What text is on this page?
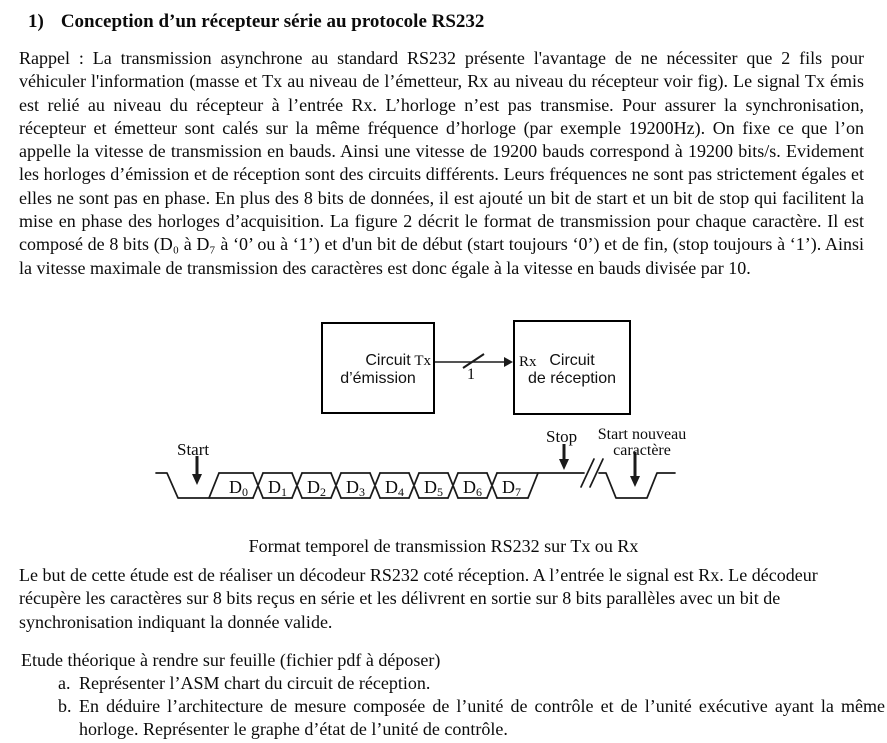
1) Conception d’un récepteur série au protocole RS232
Rappel : La transmission asynchrone au standard RS232 présente l'avantage de ne nécessiter que 2 fils pour véhiculer l'information (masse et Tx au niveau de l’émetteur, Rx au niveau du récepteur voir fig). Le signal Tx émis est relié au niveau du récepteur à l’entrée Rx. L’horloge n’est pas transmise. Pour assurer la synchronisation, récepteur et émetteur sont calés sur la même fréquence d’horloge (par exemple 19200Hz). On fixe ce que l’on appelle la vitesse de transmission en bauds. Ainsi une vitesse de 19200 bauds correspond à 19200 bits/s. Evidement les horloges d’émission et de réception sont des circuits différents. Leurs fréquences ne sont pas strictement égales et elles ne sont pas en phase. En plus des 8 bits de données, il est ajouté un bit de start et un bit de stop qui facilitent la mise en phase des horloges d’acquisition. La figure 2 décrit le format de transmission pour chaque caractère. Il est composé de 8 bits (D₀ à D₇ à ‘0’ ou à ‘1’) et d'un bit de début (start toujours ‘0’) et de fin, (stop toujours à ‘1’). Ainsi la vitesse maximale de transmission des caractères est donc égale à la vitesse en bauds divisée par 10.
Circuit
d’émission
Tx	Circuit
de réception
Rx
1
Start
Stop	Start nouveau
caractère
$D_0$	$D_1$	$D_2$	$D_3$	$D_4$	$D_5$	$D_6$	$D_7$
Format temporel de transmission RS232 sur Tx ou Rx
Le but de cette étude est de réaliser un décodeur RS232 coté réception. A l’entrée le signal est Rx. Le décodeur récupère les caractères sur 8 bits reçus en série et les délivrent en sortie sur 8 bits parallèles avec un bit de synchronisation indiquant la donnée valide.
Etude théorique à rendre sur feuille (fichier pdf à déposer)
a. Représenter l’ASM chart du circuit de réception.
b. En déduire l’architecture de mesure composée de l’unité de contrôle et de l’unité exécutive ayant la même horloge. Représenter le graphe d’état de l’unité de contrôle.
